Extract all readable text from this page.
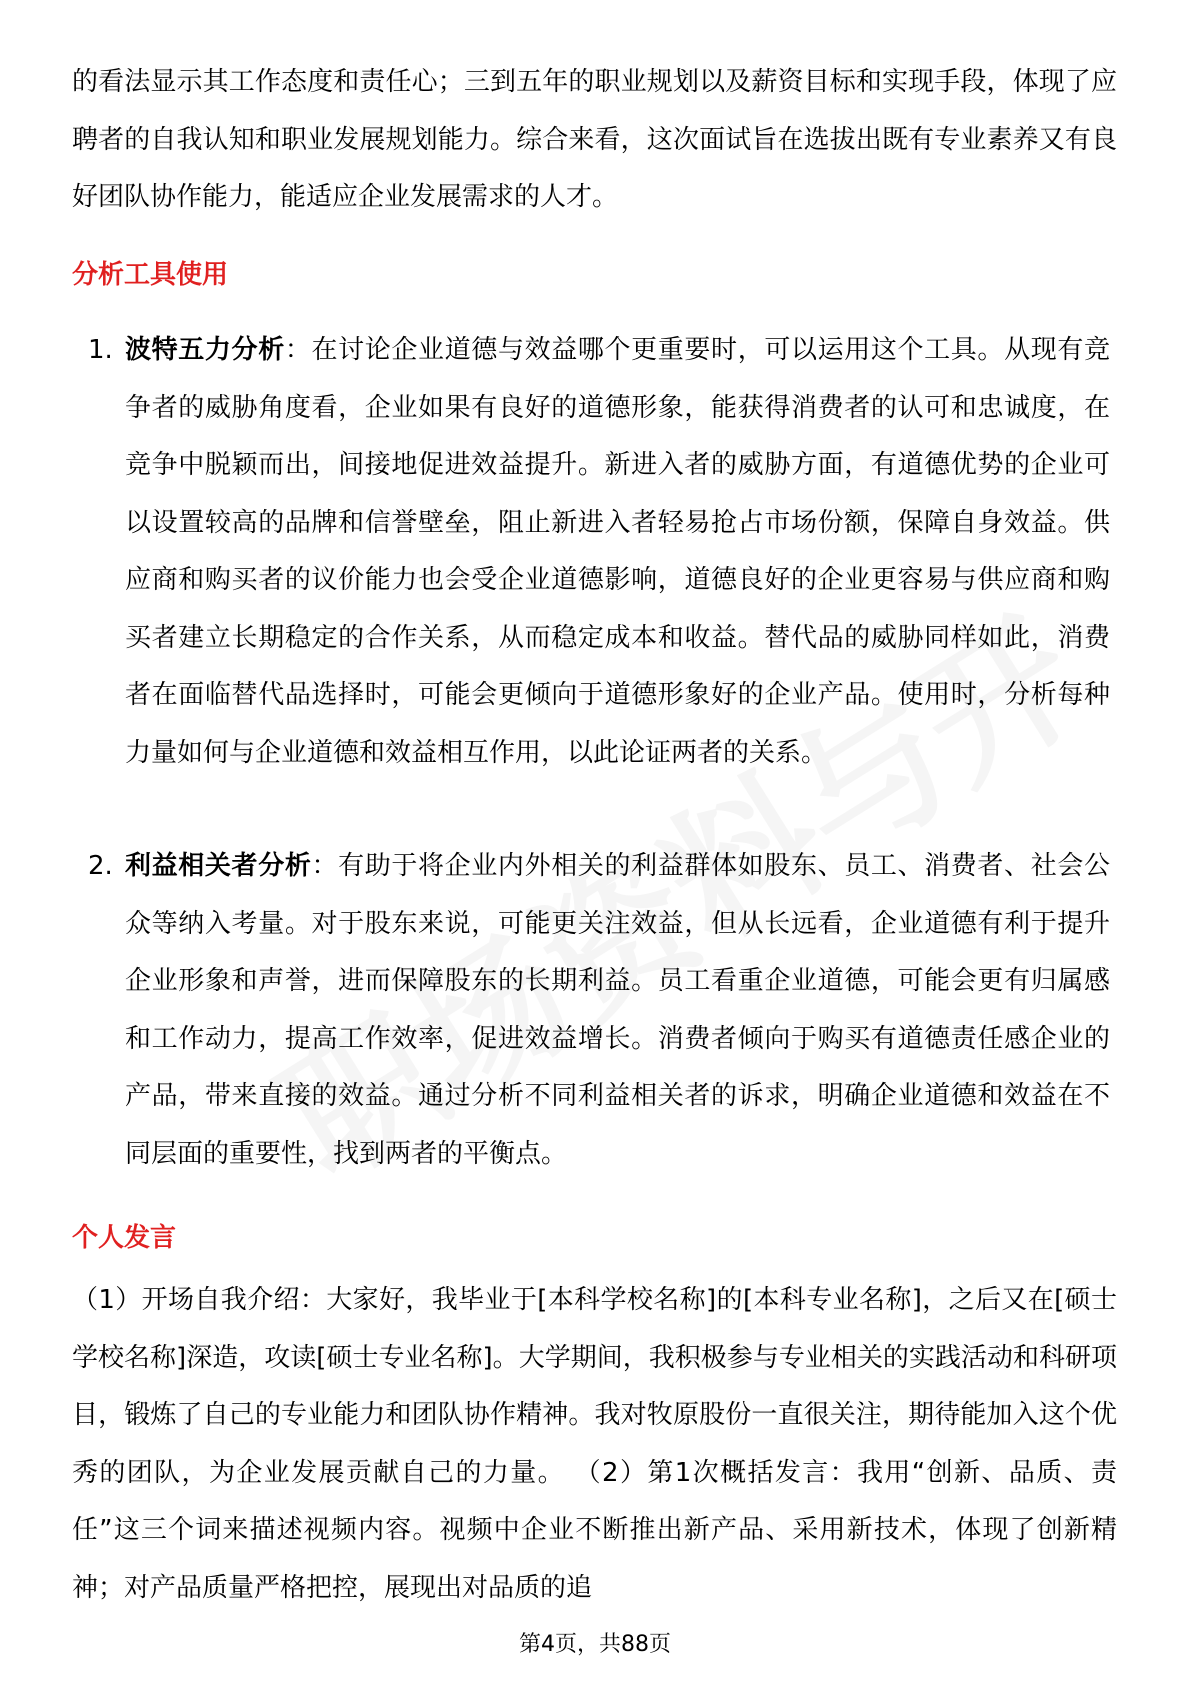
的看法显示其工作态度和责任心；三到五年的职业规划以及薪资目标和实现手段，体现了应聘者的自我认知和职业发展规划能力。综合来看，这次面试旨在选拔出既有专业素养又有良好团队协作能力，能适应企业发展需求的人才。

分析工具使用
1. 波特五力分析：在讨论企业道德与效益哪个更重要时，可以运用这个工具。从现有竞争者的威胁角度看，企业如果有良好的道德形象，能获得消费者的认可和忠诚度，在竞争中脱颖而出，间接地促进效益提升。新进入者的威胁方面，有道德优势的企业可以设置较高的品牌和信誉壁垒，阻止新进入者轻易抢占市场份额，保障自身效益。供应商和购买者的议价能力也会受企业道德影响，道德良好的企业更容易与供应商和购买者建立长期稳定的合作关系，从而稳定成本和收益。替代品的威胁同样如此，消费者在面临替代品选择时，可能会更倾向于道德形象好的企业产品。使用时，分析每种力量如何与企业道德和效益相互作用，以此论证两者的关系。

2. 利益相关者分析：有助于将企业内外相关的利益群体如股东、员工、消费者、社会公众等纳入考量。对于股东来说，可能更关注效益，但从长远看，企业道德有利于提升企业形象和声誉，进而保障股东的长期利益。员工看重企业道德，可能会更有归属感和工作动力，提高工作效率，促进效益增长。消费者倾向于购买有道德责任感企业的产品，带来直接的效益。通过分析不同利益相关者的诉求，明确企业道德和效益在不同层面的重要性，找到两者的平衡点。

个人发言

（1）开场自我介绍：大家好，我毕业于[本科学校名称]的[本科专业名称]，之后又在[硕士学校名称]深造，攻读[硕士专业名称]。大学期间，我积极参与专业相关的实践活动和科研项目，锻炼了自己的专业能力和团队协作精神。我对牧原股份一直很关注，期待能加入这个优秀的团队，为企业发展贡献自己的力量。 （2）第1次概括发言：我用“创新、品质、责任”这三个词来描述视频内容。视频中企业不断推出新产品、采用新技术，体现了创新精神；对产品质量严格把控，展现出对品质的追

第4页，共88页
